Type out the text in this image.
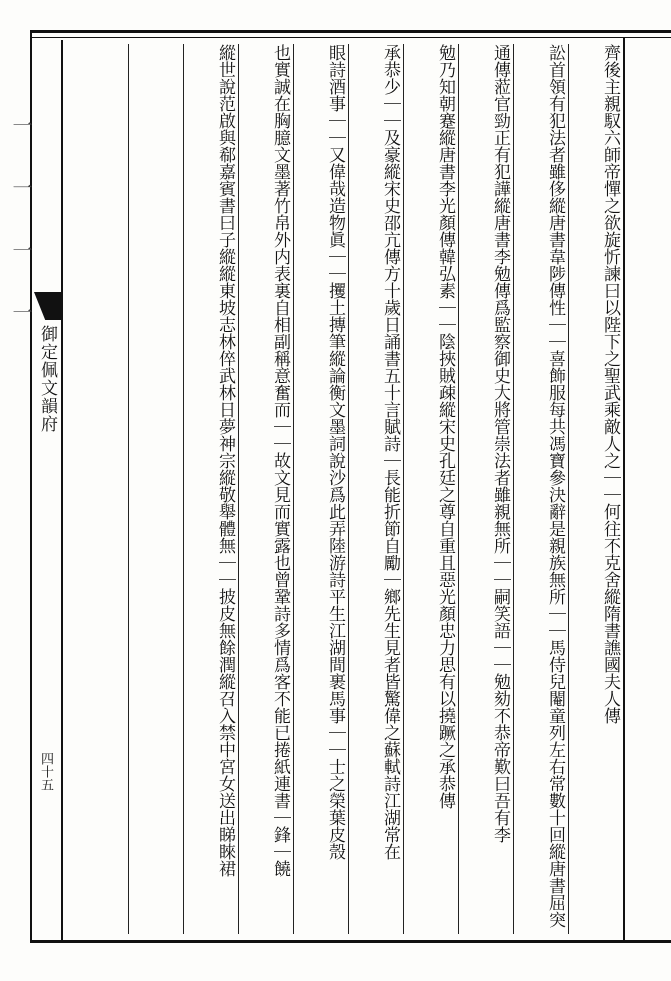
一 一 一 一
御定佩文韻府
四十五
齊後主親馭六師帝憚之欲旋忻諫曰以陛下之聖武乘敵人之｜｜何往不克舍縱隋書譙國夫人傳
訟首領有犯法者雖侈縱唐書韋陟傳性｜｜喜飾服每共馮寶參決辭是親族無所｜｜馬侍兒閹童列左右常數十回縱唐書屈突
通傳蒞官勁正有犯譁縱唐書李勉傳爲監察御史大將管崇法者雖親無所｜｜嗣笑語｜｜勉劾不恭帝歎曰吾有李
勉乃知朝蹇縱唐書李光顏傳韓弘素｜｜陰挾賊疎縱宋史孔廷之尊自重且惡光顏忠力思有以撓蹶之承恭傳
承恭少｜｜及豪縱宋史邵亢傳方十歲日誦書五十言賦詩｜長能折節自勵｜鄉先生見者皆驚偉之蘇軾詩江湖常在
眼詩酒事｜｜又偉哉造物眞｜｜攫土摶筆縱論衡文墨詞說沙爲此弄陸游詩平生江湖間裹馬事｜｜士之榮葉皮殼
也實誠在胸臆文墨著竹帛外内表裏自相副稱意奮而｜｜故文見而實露也曾鞏詩多情爲客不能已捲紙連書｜鋒｜饒
縱世說范啟與郗嘉賓書曰子縱縱東坡志林倅武林日夢神宗縱敬舉體無｜｜披皮無餘潤縱召入禁中宮女送出睇睞裙
